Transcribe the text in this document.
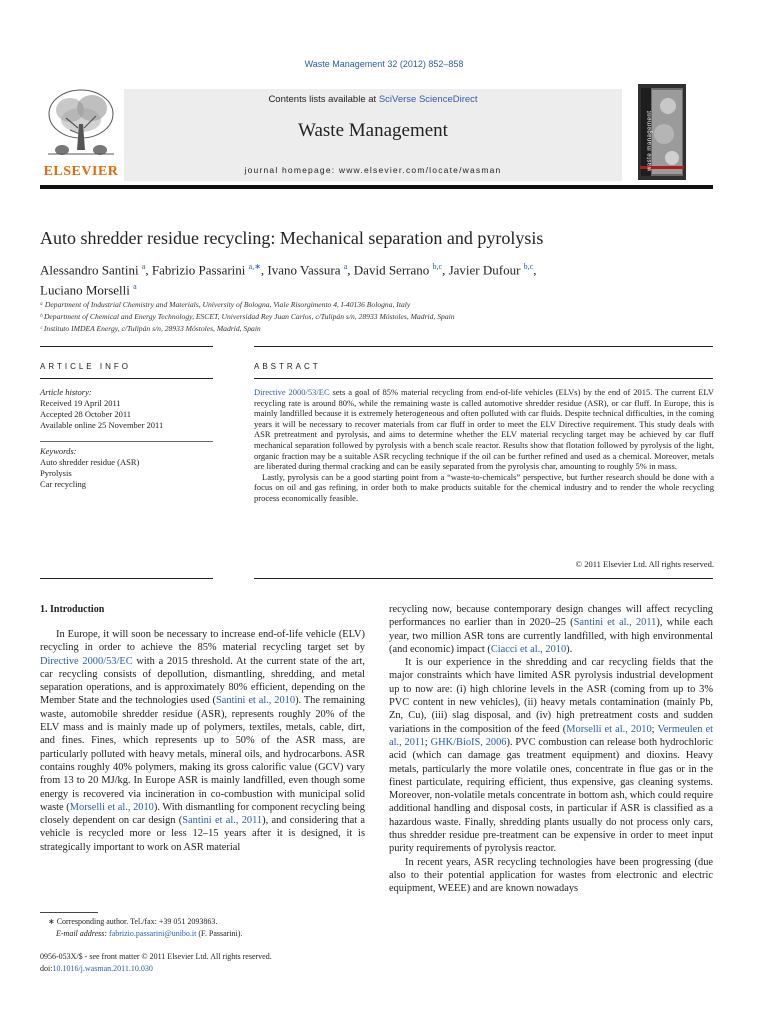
Waste Management 32 (2012) 852–858
ELSEVIER
Contents lists available at SciVerse ScienceDirect
Waste Management
journal homepage: www.elsevier.com/locate/wasman	waste management
Auto shredder residue recycling: Mechanical separation and pyrolysis
Alessandro Santini $^a$, Fabrizio Passarini $^{a,∗}$, Ivano Vassura $^a$, David Serrano $^{b,c}$, Javier Dufour $^{b,c}$,
Luciano Morselli $^a$
ᵃ Department of Industrial Chemistry and Materials, University of Bologna, Viale Risorgimento 4, I-40136 Bologna, Italy
ᵇ Department of Chemical and Energy Technology, ESCET, Universidad Rey Juan Carlos, c/Tulipán s/n, 28933 Móstoles, Madrid, Spain
ᶜ Instituto IMDEA Energy, c/Tulipán s/n, 28933 Móstoles, Madrid, Spain
ARTICLE INFO	ABSTRACT
Article history:
Received 19 April 2011
Accepted 28 October 2011
Available online 25 November 2011
Keywords:
Auto shredder residue (ASR)
Pyrolysis
Car recycling

Directive 2000/53/EC sets a goal of 85% material recycling from end-of-life vehicles (ELVs) by the end of 2015. The current ELV recycling rate is around 80%, while the remaining waste is called automotive shredder residue (ASR), or car fluff. In Europe, this is mainly landfilled because it is extremely heterogeneous and often polluted with car fluids. Despite technical difficulties, in the coming years it will be necessary to recover materials from car fluff in order to meet the ELV Directive requirement. This study deals with ASR pretreatment and pyrolysis, and aims to determine whether the ELV material recycling target may be achieved by car fluff mechanical separation followed by pyrolysis with a bench scale reactor. Results show that flotation followed by pyrolysis of the light, organic fraction may be a suitable ASR recycling technique if the oil can be further refined and used as a chemical. Moreover, metals are liberated during thermal cracking and can be easily separated from the pyrolysis char, amounting to roughly 5% in mass.

Lastly, pyrolysis can be a good starting point from a “waste-to-chemicals” perspective, but further research should be done with a focus on oil and gas refining, in order both to make products suitable for the chemical industry and to render the whole recycling process economically feasible.

© 2011 Elsevier Ltd. All rights reserved.
1. Introduction

In Europe, it will soon be necessary to increase end-of-life vehicle (ELV) recycling in order to achieve the 85% material recycling target set by Directive 2000/53/EC with a 2015 threshold. At the current state of the art, car recycling consists of depollution, dismantling, shredding, and metal separation operations, and is approximately 80% efficient, depending on the Member State and the technologies used (Santini et al., 2010). The remaining waste, automobile shredder residue (ASR), represents roughly 20% of the ELV mass and is mainly made up of polymers, textiles, metals, cable, dirt, and fines. Fines, which represents up to 50% of the ASR mass, are particularly polluted with heavy metals, mineral oils, and hydrocarbons. ASR contains roughly 40% polymers, making its gross calorific value (GCV) vary from 13 to 20 MJ/kg. In Europe ASR is mainly landfilled, even though some energy is recovered via incineration in co-combustion with municipal solid waste (Morselli et al., 2010). With dismantling for component recycling being closely dependent on car design (Santini et al., 2011), and considering that a vehicle is recycled more or less 12–15 years after it is designed, it is strategically important to work on ASR material

recycling now, because contemporary design changes will affect recycling performances no earlier than in 2020–25 (Santini et al., 2011), while each year, two million ASR tons are currently landfilled, with high environmental (and economic) impact (Ciacci et al., 2010).

It is our experience in the shredding and car recycling fields that the major constraints which have limited ASR pyrolysis industrial development up to now are: (i) high chlorine levels in the ASR (coming from up to 3% PVC content in new vehicles), (ii) heavy metals contamination (mainly Pb, Zn, Cu), (iii) slag disposal, and (iv) high pretreatment costs and sudden variations in the composition of the feed (Morselli et al., 2010; Vermeulen et al., 2011; GHK/BioIS, 2006). PVC combustion can release both hydrochloric acid (which can damage gas treatment equipment) and dioxins. Heavy metals, particularly the more volatile ones, concentrate in flue gas or in the finest particulate, requiring efficient, thus expensive, gas cleaning systems. Moreover, non-volatile metals concentrate in bottom ash, which could require additional handling and disposal costs, in particular if ASR is classified as a hazardous waste. Finally, shredding plants usually do not process only cars, thus shredder residue pre-treatment can be expensive in order to meet input purity requirements of pyrolysis reactor.

In recent years, ASR recycling technologies have been progressing (due also to their potential application for wastes from electronic and electric equipment, WEEE) and are known nowadays

∗ Corresponding author. Tel./fax: +39 051 2093863.
E-mail address: fabrizio.passarini@unibo.it (F. Passarini).
0956-053X/$ - see front matter © 2011 Elsevier Ltd. All rights reserved.
doi:10.1016/j.wasman.2011.10.030
